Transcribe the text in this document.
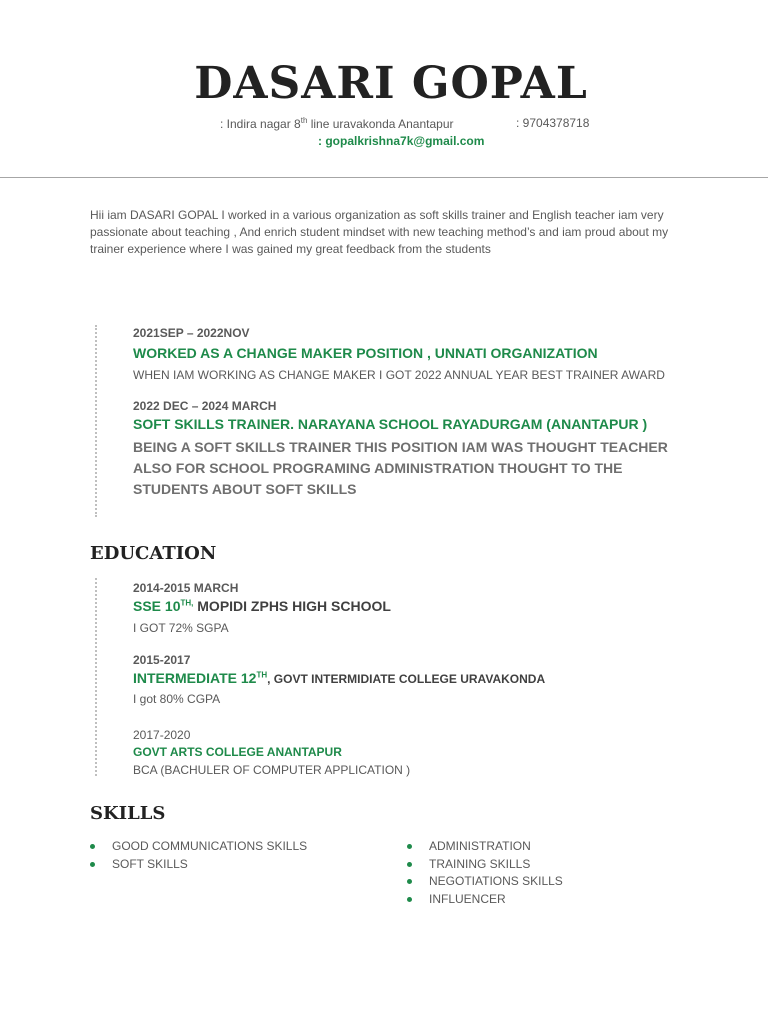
DASARI GOPAL
: Indira nagar 8th line uravakonda Anantapur	: 9704378718
: gopalkrishna7k@gmail.com

Hii iam DASARI GOPAL I worked in a various organization as soft skills trainer and English teacher iam very passionate about teaching , And enrich student mindset with new teaching method’s and iam proud about my trainer experience where I was gained my great feedback from the students

2021SEP – 2022NOV
WORKED AS A CHANGE MAKER POSITION , UNNATI ORGANIZATION
WHEN IAM WORKING AS CHANGE MAKER I GOT 2022 ANNUAL YEAR BEST TRAINER AWARD
2022 DEC – 2024 MARCH
SOFT SKILLS TRAINER. NARAYANA SCHOOL RAYADURGAM (ANANTAPUR )
BEING A SOFT SKILLS TRAINER THIS POSITION IAM WAS THOUGHT TEACHER ALSO FOR SCHOOL PROGRAMING ADMINISTRATION THOUGHT TO THE STUDENTS ABOUT SOFT SKILLS
EDUCATION
2014-2015 MARCH
SSE $10^{TH,}$ MOPIDI ZPHS HIGH SCHOOL
I GOT 72% SGPA
2015-2017
INTERMEDIATE 12TH, GOVT INTERMIDIATE COLLEGE URAVAKONDA
I got 80% CGPA
2017-2020
GOVT ARTS COLLEGE ANANTAPUR
BCA (BACHULER OF COMPUTER APPLICATION )
SKILLS
GOOD COMMUNICATIONS SKILLS
SOFT SKILLS
ADMINISTRATION
TRAINING SKILLS
NEGOTIATIONS SKILLS
INFLUENCER
